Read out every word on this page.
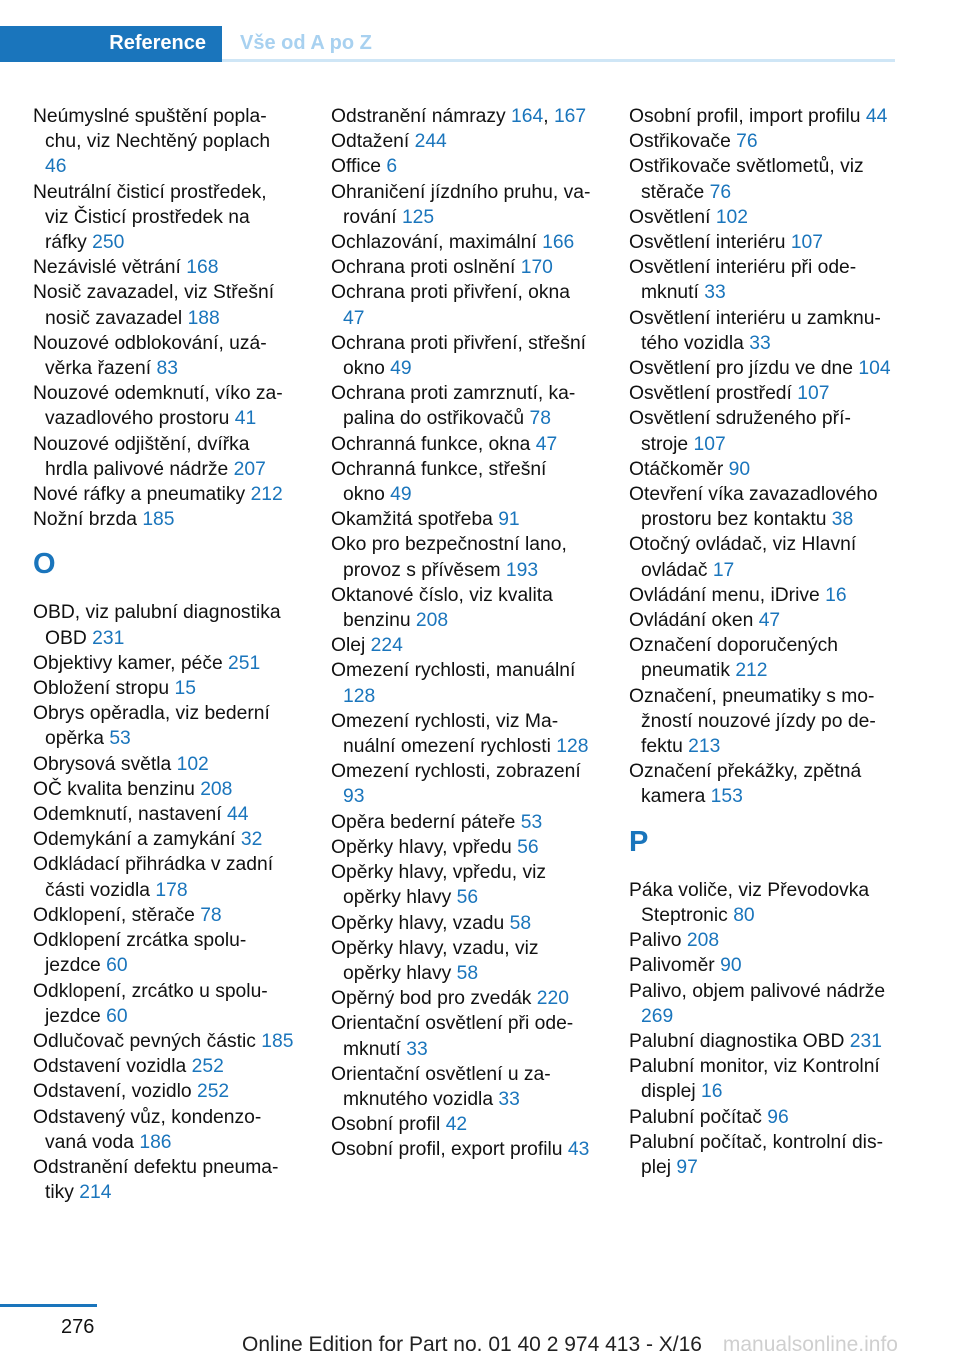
Reference	Vše od A po Z
Neúmyslné spuštění poplachu, viz Nechtěný poplach 46
Neutrální čisticí prostředek, viz Čisticí prostředek na ráfky 250
Nezávislé větrání 168
Nosič zavazadel, viz Střešní nosič zavazadel 188
Nouzové odblokování, uzávěrka řazení 83
Nouzové odemknutí, víko zavazadlového prostoru 41
Nouzové odjištění, dvířka hrdla palivové nádrže 207
Nové ráfky a pneumatiky 212
Nožní brzda 185
O
OBD, viz palubní diagnostika OBD 231
Objektivy kamer, péče 251
Obložení stropu 15
Obrys opěradla, viz bederní opěrka 53
Obrysová světla 102
OČ kvalita benzinu 208
Odemknutí, nastavení 44
Odemykání a zamykání 32
Odkládací přihrádka v zadní části vozidla 178
Odklopení, stěrače 78
Odklopení zrcátka spolujezdce 60
Odklopení, zrcátko u spolujezdce 60
Odlučovač pevných částic 185
Odstavení vozidla 252
Odstavení, vozidlo 252
Odstavený vůz, kondenzovaná voda 186
Odstranění defektu pneumatiky 214
Odstranění námrazy 164, 167
Odtažení 244
Office 6
Ohraničení jízdního pruhu, varování 125
Ochlazování, maximální 166
Ochrana proti oslnění 170
Ochrana proti přivření, okna 47
Ochrana proti přivření, střešní okno 49
Ochrana proti zamrznutí, kapalina do ostřikovačů 78
Ochranná funkce, okna 47
Ochranná funkce, střešní okno 49
Okamžitá spotřeba 91
Oko pro bezpečnostní lano, provoz s přívěsem 193
Oktanové číslo, viz kvalita benzinu 208
Olej 224
Omezení rychlosti, manuální 128
Omezení rychlosti, viz Manuální omezení rychlosti 128
Omezení rychlosti, zobrazení 93
Opěra bederní páteře 53
Opěrky hlavy, vpředu 56
Opěrky hlavy, vpředu, viz opěrky hlavy 56
Opěrky hlavy, vzadu 58
Opěrky hlavy, vzadu, viz opěrky hlavy 58
Opěrný bod pro zvedák 220
Orientační osvětlení při odemknutí 33
Orientační osvětlení u zamknutého vozidla 33
Osobní profil 42
Osobní profil, export profilu 43
Osobní profil, import profilu 44
Ostřikovače 76
Ostřikovače světlometů, viz stěrače 76
Osvětlení 102
Osvětlení interiéru 107
Osvětlení interiéru při odemknutí 33
Osvětlení interiéru u zamknutého vozidla 33
Osvětlení pro jízdu ve dne 104
Osvětlení prostředí 107
Osvětlení sdruženého přístroje 107
Otáčkoměr 90
Otevření víka zavazadlového prostoru bez kontaktu 38
Otočný ovládač, viz Hlavní ovládač 17
Ovládání menu, iDrive 16
Ovládání oken 47
Označení doporučených pneumatik 212
Označení, pneumatiky s možností nouzové jízdy po defektu 213
Označení překážky, zpětná kamera 153
P
Páka voliče, viz Převodovka Steptronic 80
Palivo 208
Palivoměr 90
Palivo, objem palivové nádrže 269
Palubní diagnostika OBD 231
Palubní monitor, viz Kontrolní displej 16
Palubní počítač 96
Palubní počítač, kontrolní displej 97
276
Online Edition for Part no. 01 40 2 974 413 - X/16 manualsonline.info
